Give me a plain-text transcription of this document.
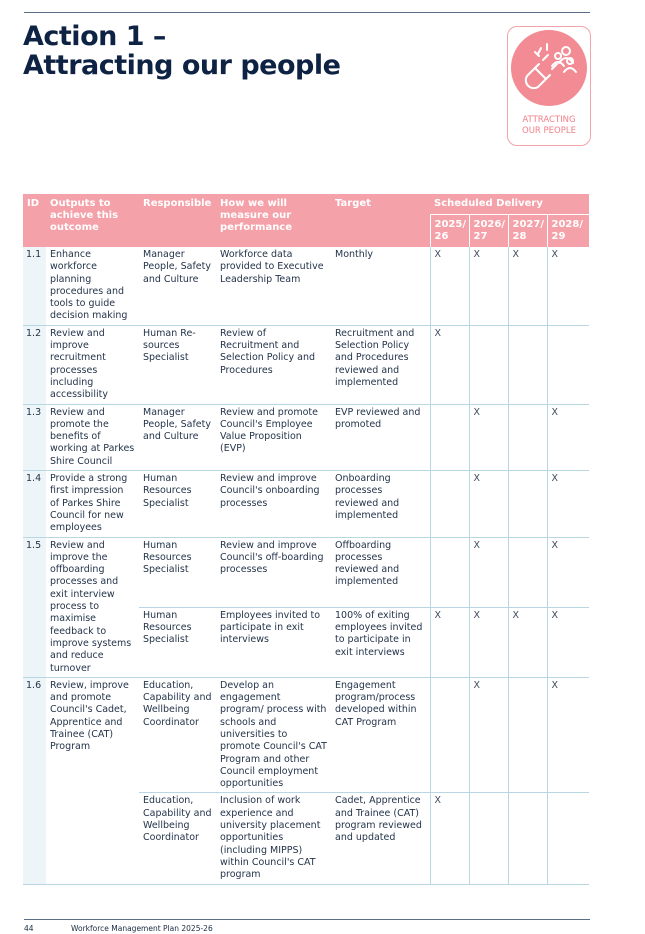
Action 1 –
Attracting our people
ATTRACTING
OUR PEOPLE
ID	Outputs to achieve this outcome	Responsible	How we will measure our performance	Target	Scheduled Delivery			
					2025/ 26	2026/ 27	2027/ 28	2028/ 29
1.1	Enhance workforce planning procedures and tools to guide decision making	Manager People, Safety and Culture	Workforce data provided to Executive Leadership Team	Monthly	X	X	X	X
1.2	Review and improve recruitment processes including accessibility	Human Re-sources Specialist	Review of Recruitment and Selection Policy and Procedures	Recruitment and Selection Policy and Procedures reviewed and implemented	X			
1.3	Review and promote the benefits of working at Parkes Shire Council	Manager People, Safety and Culture	Review and promote Council's Employee Value Proposition (EVP)	EVP reviewed and promoted		X		X
1.4	Provide a strong first impression of Parkes Shire Council for new employees	Human Resources Specialist	Review and improve Council's onboarding processes	Onboarding processes reviewed and implemented		X		X
1.5	Review and improve the offboarding processes and exit interview process to maximise feedback to improve systems and reduce turnover	Human Resources Specialist	Review and improve Council's off-boarding processes	Offboarding processes reviewed and implemented		X		X
		Human Resources Specialist	Employees invited to participate in exit interviews	100% of exiting employees invited to participate in exit interviews	X	X	X	X
1.6	Review, improve and promote Council's Cadet, Apprentice and Trainee (CAT) Program	Education, Capability and Wellbeing Coordinator	Develop an engagement program/ process with schools and universities to promote Council's CAT Program and other Council employment opportunities	Engagement program/process developed within CAT Program		X		X
		Education, Capability and Wellbeing Coordinator	Inclusion of work experience and university placement opportunities (including MIPPS) within Council's CAT program	Cadet, Apprentice and Trainee (CAT) program reviewed and updated	X			
44	Workforce Management Plan 2025-26
